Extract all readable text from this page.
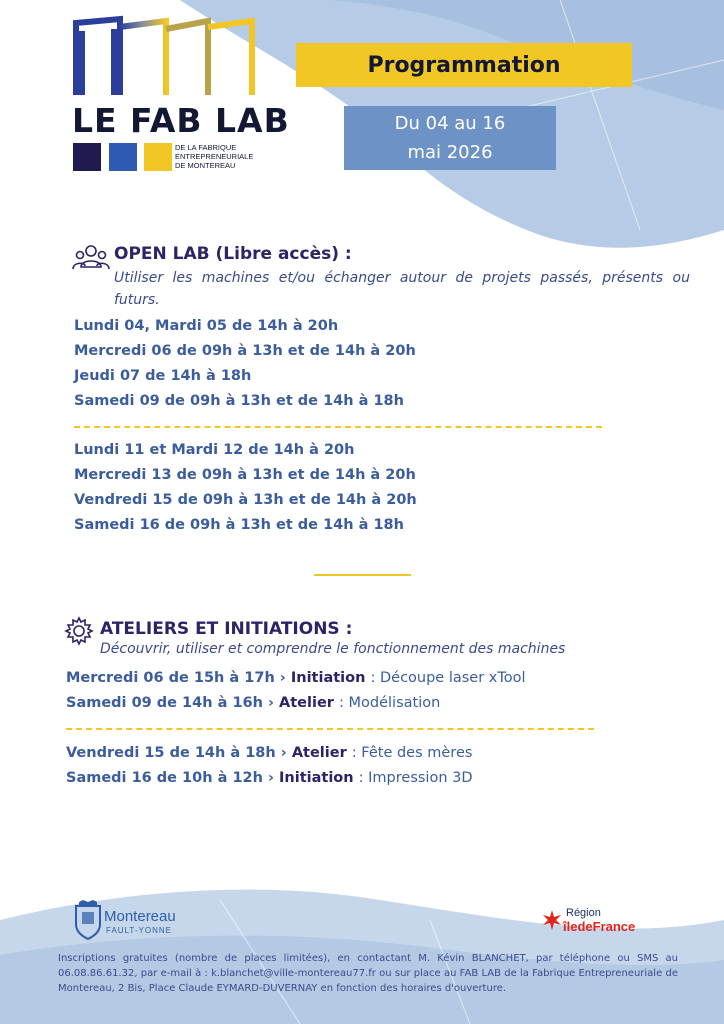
LE FAB LAB
DE LA FABRIQUE
ENTREPRENEURIALE
DE MONTEREAU
Programmation
Du 04 au 16
mai 2026
OPEN LAB (Libre accès) :
Utiliser les machines et/ou échanger autour de projets passés, présents ou
futurs.
Lundi 04, Mardi 05 de 14h à 20h
Mercredi 06 de 09h à 13h et de 14h à 20h
Jeudi 07 de 14h à 18h
Samedi 09 de 09h à 13h et de 14h à 18h
Lundi 11 et Mardi 12 de 14h à 20h
Mercredi 13 de 09h à 13h et de 14h à 20h
Vendredi 15 de 09h à 13h et de 14h à 20h
Samedi 16 de 09h à 13h et de 14h à 18h
ATELIERS ET INITIATIONS :
Découvrir, utiliser et comprendre le fonctionnement des machines
Mercredi 06 de 15h à 17h › Initiation : Découpe laser xTool
Samedi 09 de 14h à 16h › Atelier : Modélisation
Vendredi 15 de 14h à 18h › Atelier : Fête des mères
Samedi 16 de 10h à 12h › Initiation : Impression 3D
Montereau
FAULT-YONNE
Région
îledeFrance
Inscriptions gratuites (nombre de places limitées), en contactant M. Kévin BLANCHET, par téléphone ou SMS au 06.08.86.61.32, par e-mail à : k.blanchet@ville-montereau77.fr ou sur place au FAB LAB de la Fabrique Entrepreneuriale de Montereau, 2 Bis, Place Claude EYMARD-DUVERNAY en fonction des horaires d'ouverture.
